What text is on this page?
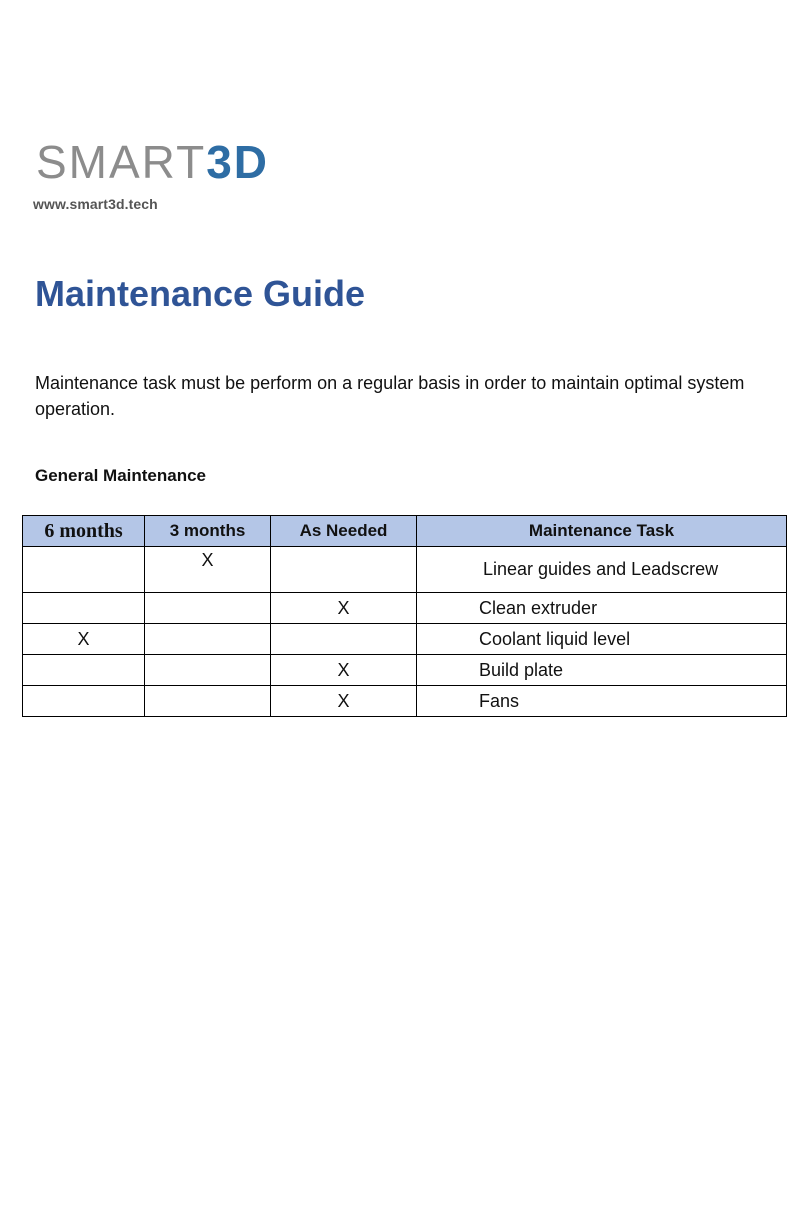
SMART3D
www.smart3d.tech
Maintenance Guide

Maintenance task must be perform on a regular basis in order to maintain optimal system operation.

General Maintenance
6 months	3 months	As Needed	Maintenance Task
	X		Linear guides and Leadscrew
		X	Clean extruder
X			Coolant liquid level
		X	Build plate
		X	Fans
